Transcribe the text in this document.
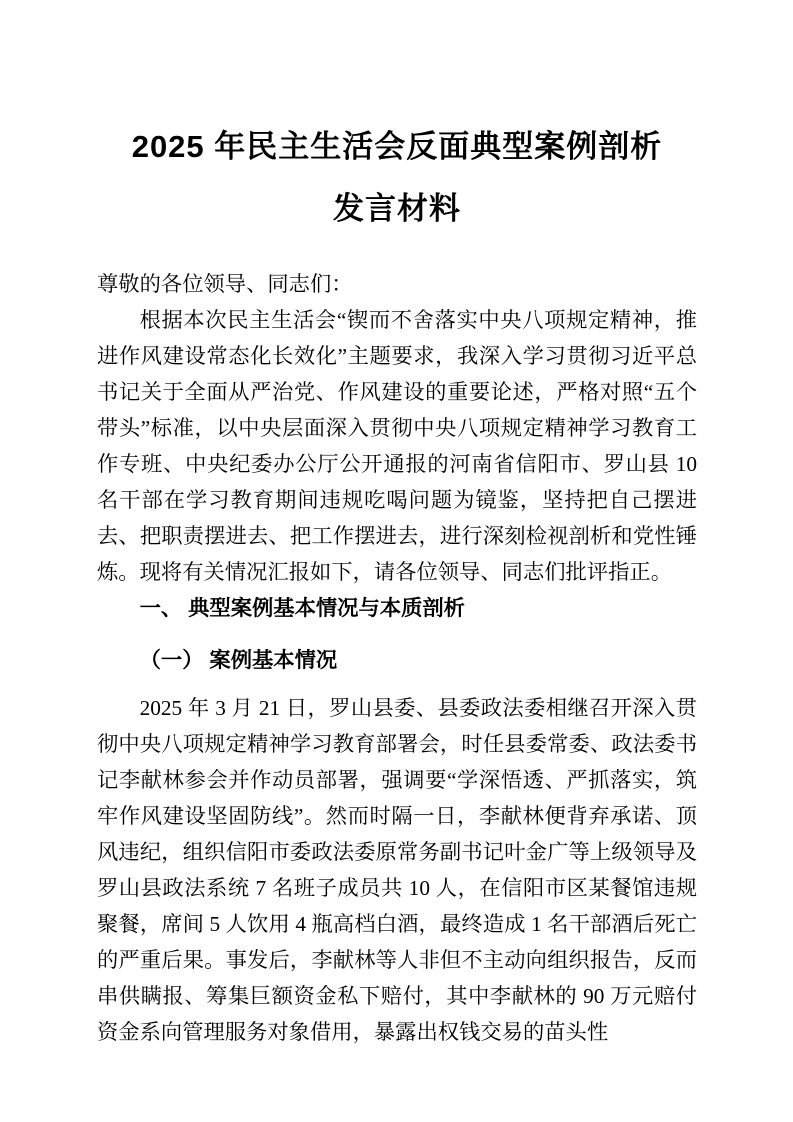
2025 年民主生活会反面典型案例剖析
发言材料

尊敬的各位领导、同志们：

根据本次民主生活会“锲而不舍落实中央八项规定精神，推进作风建设常态化长效化”主题要求，我深入学习贯彻习近平总书记关于全面从严治党、作风建设的重要论述，严格对照“五个带头”标准，以中央层面深入贯彻中央八项规定精神学习教育工作专班、中央纪委办公厅公开通报的河南省信阳市、罗山县 10 名干部在学习教育期间违规吃喝问题为镜鉴，坚持把自己摆进去、把职责摆进去、把工作摆进去，进行深刻检视剖析和党性锤炼。现将有关情况汇报如下，请各位领导、同志们批评指正。

一、 典型案例基本情况与本质剖析
（一） 案例基本情况

2025 年 3 月 21 日，罗山县委、县委政法委相继召开深入贯彻中央八项规定精神学习教育部署会，时任县委常委、政法委书记李献林参会并作动员部署，强调要“学深悟透、严抓落实，筑牢作风建设坚固防线”。然而时隔一日，李献林便背弃承诺、顶风违纪，组织信阳市委政法委原常务副书记叶金广等上级领导及罗山县政法系统 7 名班子成员共 10 人，在信阳市区某餐馆违规聚餐，席间 5 人饮用 4 瓶高档白酒，最终造成 1 名干部酒后死亡的严重后果。事发后，李献林等人非但不主动向组织报告，反而串供瞒报、筹集巨额资金私下赔付，其中李献林的 90 万元赔付资金系向管理服务对象借用，暴露出权钱交易的苗头性
